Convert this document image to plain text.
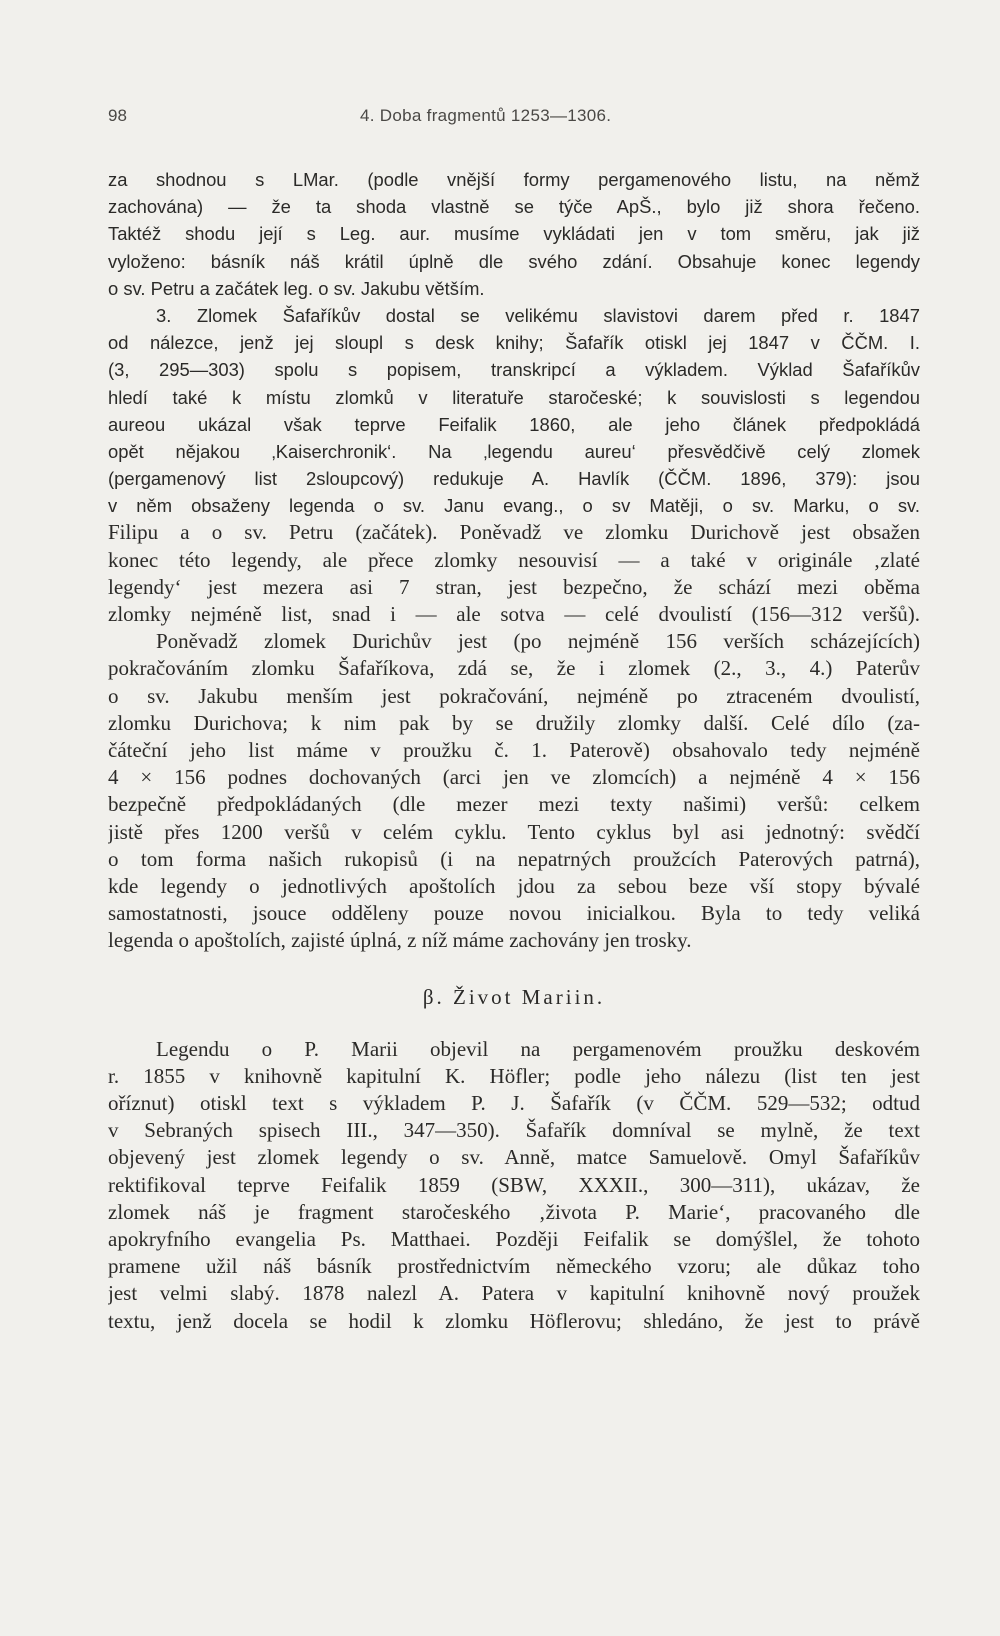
98	4. Doba fragmentů 1253—1306.
za shodnou s LMar. (podle vnější formy pergamenového listu, na němž
zachována) — že ta shoda vlastně se týče ApŠ., bylo již shora řečeno.
Taktéž shodu její s Leg. aur. musíme vykládati jen v tom směru, jak již
vyloženo: básník náš krátil úplně dle svého zdání. Obsahuje konec legendy
o sv. Petru a začátek leg. o sv. Jakubu větším.
3. Zlomek Šafaříkův dostal se velikému slavistovi darem před r. 1847
od nálezce, jenž jej sloupl s desk knihy; Šafařík otiskl jej 1847 v ČČM. I.
(3, 295—303) spolu s popisem, transkripcí a výkladem. Výklad Šafaříkův
hledí také k místu zlomků v literatuře staročeské; k souvislosti s legendou
aureou ukázal však teprve Feifalik 1860, ale jeho článek předpokládá
opět nějakou ‚Kaiserchronik‘. Na ‚legendu aureu‘ přesvědčivě celý zlomek
(pergamenový list 2sloupcový) redukuje A. Havlík (ČČM. 1896, 379): jsou
v něm obsaženy legenda o sv. Janu evang., o sv Matěji, o sv. Marku, o sv.
Filipu a o sv. Petru (začátek). Poněvadž ve zlomku Durichově jest obsažen
konec této legendy, ale přece zlomky nesouvisí — a také v originále ‚zlaté
legendy‘ jest mezera asi 7 stran, jest bezpečno, že schází mezi oběma
zlomky nejméně list, snad i — ale sotva — celé dvoulistí (156—312 veršů).
Poněvadž zlomek Durichův jest (po nejméně 156 verších scházejících)
pokračováním zlomku Šafaříkova, zdá se, že i zlomek (2., 3., 4.) Paterův
o sv. Jakubu menším jest pokračování, nejméně po ztraceném dvoulistí,
zlomku Durichova; k nim pak by se družily zlomky další. Celé dílo (za-
čáteční jeho list máme v proužku č. 1. Paterově) obsahovalo tedy nejméně
4 × 156 podnes dochovaných (arci jen ve zlomcích) a nejméně 4 × 156
bezpečně předpokládaných (dle mezer mezi texty našimi) veršů: celkem
jistě přes 1200 veršů v celém cyklu. Tento cyklus byl asi jednotný: svědčí
o tom forma našich rukopisů (i na nepatrných proužcích Paterových patrná),
kde legendy o jednotlivých apoštolích jdou za sebou beze vší stopy bývalé
samostatnosti, jsouce odděleny pouze novou inicialkou. Byla to tedy veliká
legenda o apoštolích, zajisté úplná, z níž máme zachovány jen trosky.
β. Život Mariin.
Legendu o P. Marii objevil na pergamenovém proužku deskovém
r. 1855 v knihovně kapitulní K. Höfler; podle jeho nálezu (list ten jest
oříznut) otiskl text s výkladem P. J. Šafařík (v ČČM. 529—532; odtud
v Sebraných spisech III., 347—350). Šafařík domníval se mylně, že text
objevený jest zlomek legendy o sv. Anně, matce Samuelově. Omyl Šafaříkův
rektifikoval teprve Feifalik 1859 (SBW, XXXII., 300—311), ukázav, že
zlomek náš je fragment staročeského ‚života P. Marie‘, pracovaného dle
apokryfního evangelia Ps. Matthaei. Později Feifalik se domýšlel, že tohoto
pramene užil náš básník prostřednictvím německého vzoru; ale důkaz toho
jest velmi slabý. 1878 nalezl A. Patera v kapitulní knihovně nový proužek
textu, jenž docela se hodil k zlomku Höflerovu; shledáno, že jest to právě
